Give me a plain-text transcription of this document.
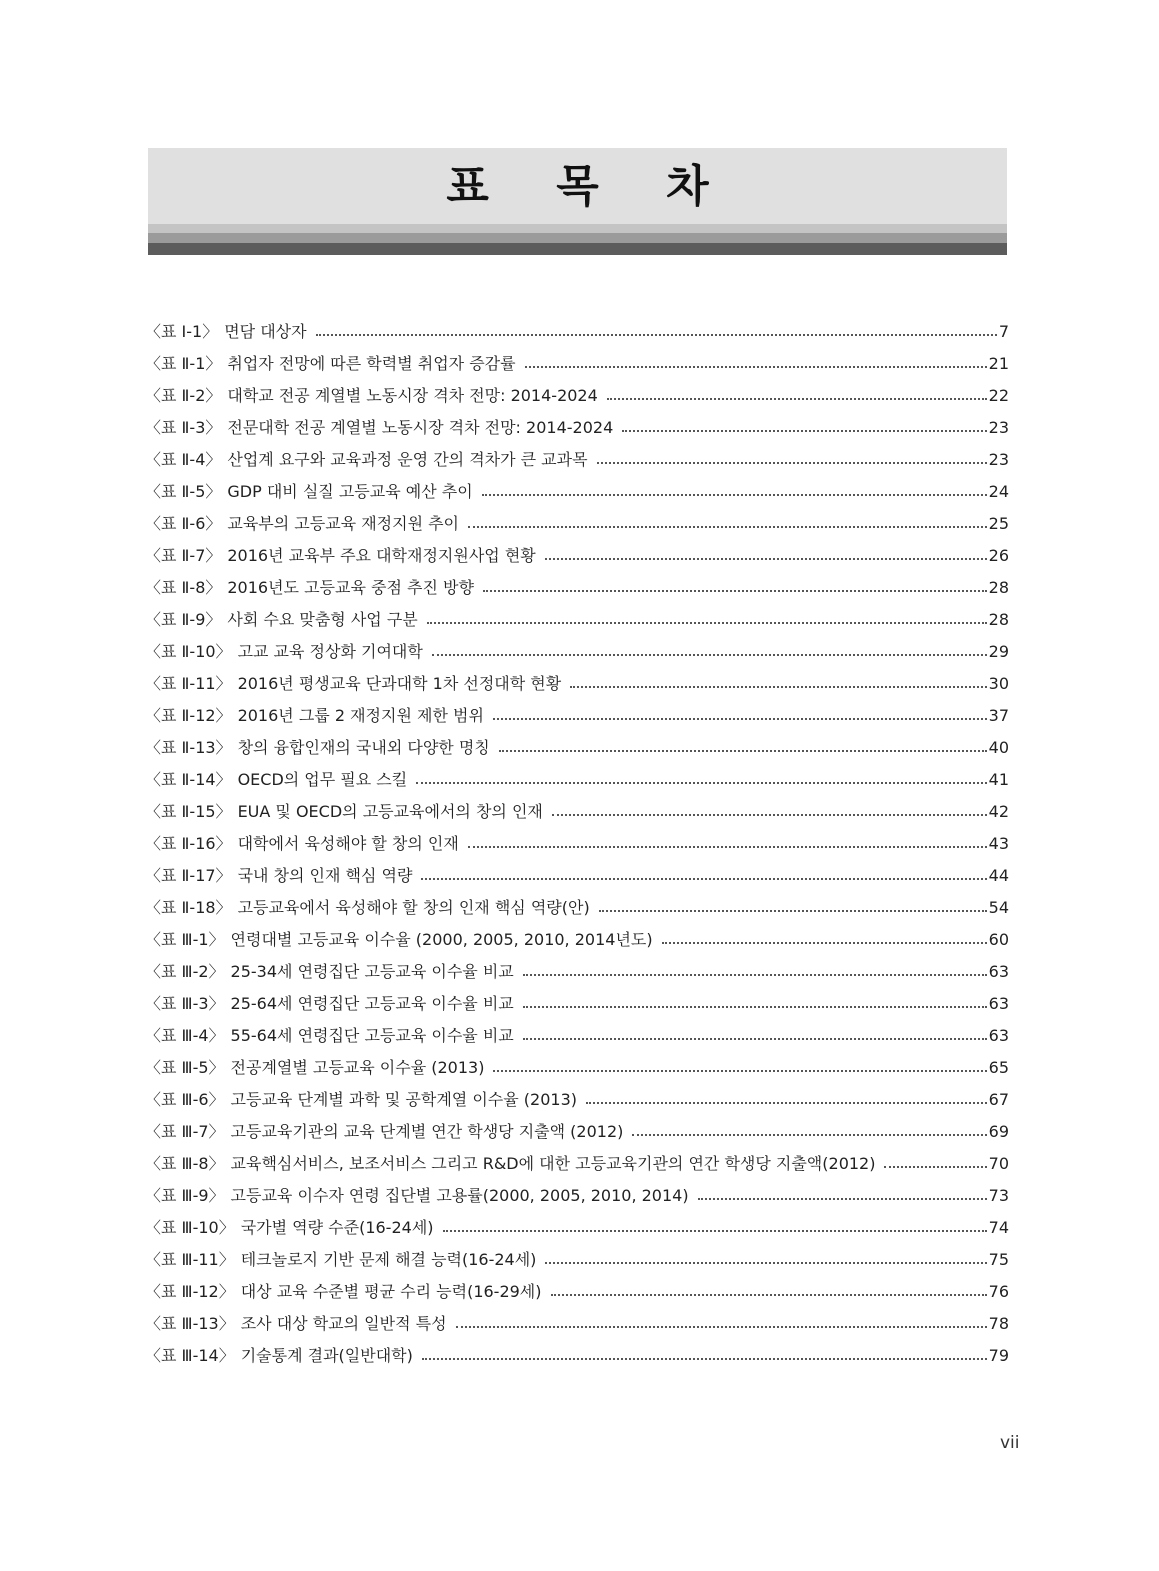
표 목 차
〈표 Ⅰ-1〉 면담 대상자	7
〈표 Ⅱ-1〉 취업자 전망에 따른 학력별 취업자 증감률	21
〈표 Ⅱ-2〉 대학교 전공 계열별 노동시장 격차 전망: 2014-2024	22
〈표 Ⅱ-3〉 전문대학 전공 계열별 노동시장 격차 전망: 2014-2024	23
〈표 Ⅱ-4〉 산업계 요구와 교육과정 운영 간의 격차가 큰 교과목	23
〈표 Ⅱ-5〉 GDP 대비 실질 고등교육 예산 추이	24
〈표 Ⅱ-6〉 교육부의 고등교육 재정지원 추이	25
〈표 Ⅱ-7〉 2016년 교육부 주요 대학재정지원사업 현황	26
〈표 Ⅱ-8〉 2016년도 고등교육 중점 추진 방향	28
〈표 Ⅱ-9〉 사회 수요 맞춤형 사업 구분	28
〈표 Ⅱ-10〉 고교 교육 정상화 기여대학	29
〈표 Ⅱ-11〉 2016년 평생교육 단과대학 1차 선정대학 현황	30
〈표 Ⅱ-12〉 2016년 그룹 2 재정지원 제한 범위	37
〈표 Ⅱ-13〉 창의 융합인재의 국내외 다양한 명칭	40
〈표 Ⅱ-14〉 OECD의 업무 필요 스킬	41
〈표 Ⅱ-15〉 EUA 및 OECD의 고등교육에서의 창의 인재	42
〈표 Ⅱ-16〉 대학에서 육성해야 할 창의 인재	43
〈표 Ⅱ-17〉 국내 창의 인재 핵심 역량	44
〈표 Ⅱ-18〉 고등교육에서 육성해야 할 창의 인재 핵심 역량(안)	54
〈표 Ⅲ-1〉 연령대별 고등교육 이수율 (2000, 2005, 2010, 2014년도)	60
〈표 Ⅲ-2〉 25-34세 연령집단 고등교육 이수율 비교	63
〈표 Ⅲ-3〉 25-64세 연령집단 고등교육 이수율 비교	63
〈표 Ⅲ-4〉 55-64세 연령집단 고등교육 이수율 비교	63
〈표 Ⅲ-5〉 전공계열별 고등교육 이수율 (2013)	65
〈표 Ⅲ-6〉 고등교육 단계별 과학 및 공학계열 이수율 (2013)	67
〈표 Ⅲ-7〉 고등교육기관의 교육 단계별 연간 학생당 지출액 (2012)	69
〈표 Ⅲ-8〉 교육핵심서비스, 보조서비스 그리고 R&D에 대한 고등교육기관의 연간 학생당 지출액(2012)	70
〈표 Ⅲ-9〉 고등교육 이수자 연령 집단별 고용률(2000, 2005, 2010, 2014)	73
〈표 Ⅲ-10〉 국가별 역량 수준(16-24세)	74
〈표 Ⅲ-11〉 테크놀로지 기반 문제 해결 능력(16-24세)	75
〈표 Ⅲ-12〉 대상 교육 수준별 평균 수리 능력(16-29세)	76
〈표 Ⅲ-13〉 조사 대상 학교의 일반적 특성	78
〈표 Ⅲ-14〉 기술통계 결과(일반대학)	79
vii
